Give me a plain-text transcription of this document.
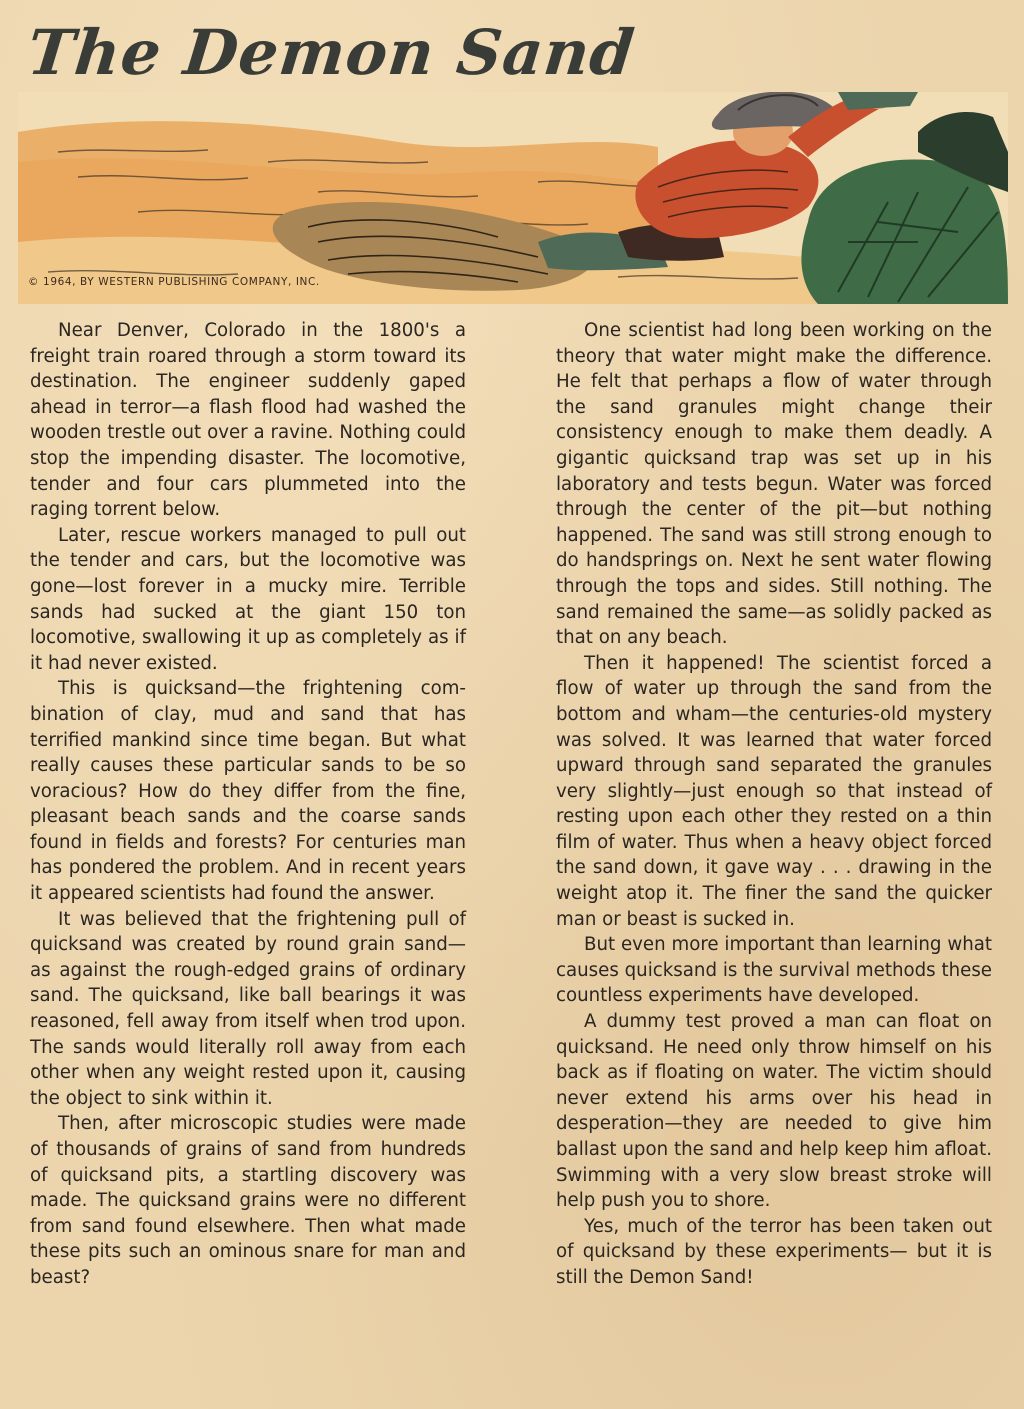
The Demon Sand
© 1964, BY WESTERN PUBLISHING COMPANY, INC.

Near Denver, Colorado in the 1800's a freight train roared through a storm toward its destination. The engineer suddenly gaped ahead in terror—a flash flood had washed the wooden trestle out over a ravine. Nothing could stop the impending disaster. The locomotive, tender and four cars plummeted into the raging torrent below.

Later, rescue workers managed to pull out the tender and cars, but the locomotive was gone—lost forever in a mucky mire. Terrible sands had sucked at the giant 150 ton locomotive, swallowing it up as completely as if it had never existed.

This is quicksand—the frightening combination of clay, mud and sand that has terrified mankind since time began. But what really causes these particular sands to be so voracious? How do they differ from the fine, pleasant beach sands and the coarse sands found in fields and forests? For centuries man has pondered the problem. And in recent years it appeared scientists had found the answer.

It was believed that the frightening pull of quicksand was created by round grain sand—as against the rough-edged grains of ordinary sand. The quicksand, like ball bearings it was reasoned, fell away from itself when trod upon. The sands would literally roll away from each other when any weight rested upon it, causing the object to sink within it.

Then, after microscopic studies were made of thousands of grains of sand from hundreds of quicksand pits, a startling discovery was made. The quicksand grains were no different from sand found elsewhere. Then what made these pits such an ominous snare for man and beast?

One scientist had long been working on the theory that water might make the difference. He felt that perhaps a flow of water through the sand granules might change their consistency enough to make them deadly. A gigantic quicksand trap was set up in his laboratory and tests begun. Water was forced through the center of the pit—but nothing happened. The sand was still strong enough to do handsprings on. Next he sent water flowing through the tops and sides. Still nothing. The sand remained the same—as solidly packed as that on any beach.

Then it happened! The scientist forced a flow of water up through the sand from the bottom and wham—the centuries-old mystery was solved. It was learned that water forced upward through sand separated the granules very slightly—just enough so that instead of resting upon each other they rested on a thin film of water. Thus when a heavy object forced the sand down, it gave way . . . drawing in the weight atop it. The finer the sand the quicker man or beast is sucked in.

But even more important than learning what causes quicksand is the survival methods these countless experiments have developed.

A dummy test proved a man can float on quicksand. He need only throw himself on his back as if floating on water. The victim should never extend his arms over his head in desperation—they are needed to give him ballast upon the sand and help keep him afloat. Swimming with a very slow breast stroke will help push you to shore.

Yes, much of the terror has been taken out of quicksand by these experiments— but it is still the Demon Sand!
